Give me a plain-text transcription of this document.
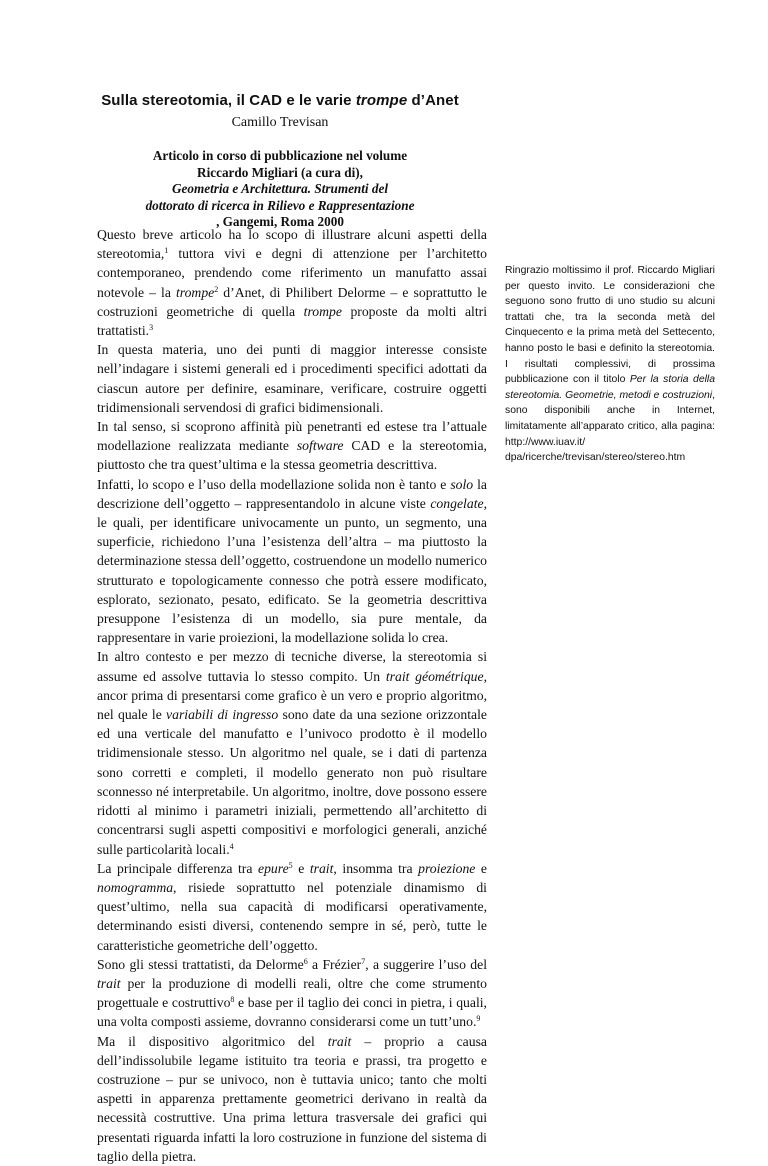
Sulla stereotomia, il CAD e le varie trompe d’Anet
Camillo Trevisan
Articolo in corso di pubblicazione nel volume
Riccardo Migliari (a cura di),
Geometria e Architettura. Strumenti del
dottorato di ricerca in Rilievo e Rappresentazione
, Gangemi, Roma 2000

Questo breve articolo ha lo scopo di illustrare alcuni aspetti della stereotomia,$^1$ tuttora vivi e degni di attenzione per l’architetto contemporaneo, prendendo come riferimento un manufatto assai notevole – la trompe$^2$ d’Anet, di Philibert Delorme – e soprattutto le costruzioni geometriche di quella trompe proposte da molti altri trattatisti.$^3$

In questa materia, uno dei punti di maggior interesse consiste nell’indagare i sistemi generali ed i procedimenti specifici adottati da ciascun autore per definire, esaminare, verificare, costruire oggetti tridimensionali servendosi di grafici bidimensionali.

In tal senso, si scoprono affinità più penetranti ed estese tra l’attuale modellazione realizzata mediante software CAD e la stereotomia, piuttosto che tra quest’ultima e la stessa geometria descrittiva.

Infatti, lo scopo e l’uso della modellazione solida non è tanto e solo la descrizione dell’oggetto – rappresentandolo in alcune viste congelate, le quali, per identificare univocamente un punto, un segmento, una superficie, richiedono l’una l’esistenza dell’altra – ma piuttosto la determinazione stessa dell’oggetto, costruendone un modello numerico strutturato e topologicamente connesso che potrà essere modificato, esplorato, sezionato, pesato, edificato. Se la geometria descrittiva presuppone l’esistenza di un modello, sia pure mentale, da rappresentare in varie proiezioni, la modellazione solida lo crea.

In altro contesto e per mezzo di tecniche diverse, la stereotomia si assume ed assolve tuttavia lo stesso compito. Un trait géométrique, ancor prima di presentarsi come grafico è un vero e proprio algoritmo, nel quale le variabili di ingresso sono date da una sezione orizzontale ed una verticale del manufatto e l’univoco prodotto è il modello tridimensionale stesso. Un algoritmo nel quale, se i dati di partenza sono corretti e completi, il modello generato non può risultare sconnesso né interpretabile. Un algoritmo, inoltre, dove possono essere ridotti al minimo i parametri iniziali, permettendo all’architetto di concentrarsi sugli aspetti compositivi e morfologici generali, anziché sulle particolarità locali.$^4$

La principale differenza tra epure$^5$ e trait, insomma tra proiezione e nomogramma, risiede soprattutto nel potenziale dinamismo di quest’ultimo, nella sua capacità di modificarsi operativamente, determinando esisti diversi, contenendo sempre in sé, però, tutte le caratteristiche geometriche dell’oggetto.

Sono gli stessi trattatisti, da Delorme$^6$ a Frézier$^7$, a suggerire l’uso del trait per la produzione di modelli reali, oltre che come strumento progettuale e costruttivo$^8$ e base per il taglio dei conci in pietra, i quali, una volta composti assieme, dovranno considerarsi come un tutt’uno.$^9$

Ma il dispositivo algoritmico del trait – proprio a causa dell’indissolubile legame istituito tra teoria e prassi, tra progetto e costruzione – pur se univoco, non è tuttavia unico; tanto che molti aspetti in apparenza prettamente geometrici derivano in realtà da necessità costruttive. Una prima lettura trasversale dei grafici qui presentati riguarda infatti la loro costruzione in funzione del sistema di taglio della pietra.

Ringrazio moltissimo il prof. Riccardo Migliari per questo invito. Le considerazioni che seguono sono frutto di uno studio su alcuni trattati che, tra la seconda metà del Cinquecento e la prima metà del Settecento, hanno posto le basi e definito la stereotomia. I risultati complessivi, di prossima pubblicazione con il titolo Per la storia della stereotomia. Geometrie, metodi e costruzioni, sono disponibili anche in Internet, limitatamente all’apparato critico, alla pagina: http://www.iuav.it/
dpa/ricerche/trevisan/stereo/stereo.htm
